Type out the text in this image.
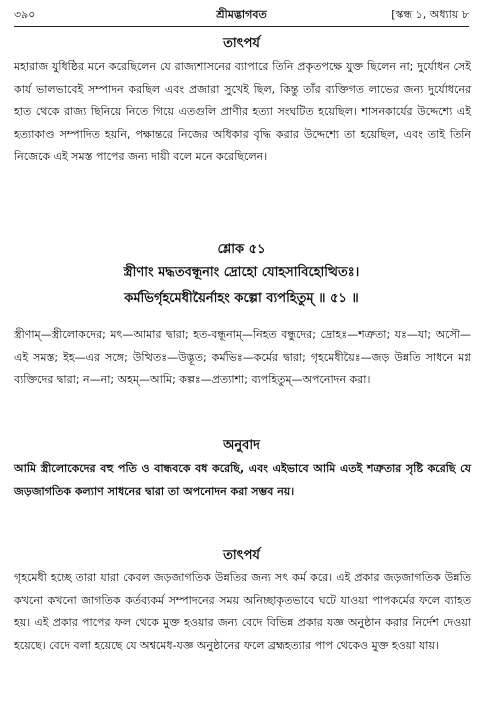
৩৯০	শ্রীমদ্ভাগবত	[স্কন্ধ ১, অধ্যায় ৮
তাৎপর্য
মহারাজ যুধিষ্ঠির মনে করেছিলেন যে রাজ্যশাসনের ব্যাপারে তিনি প্রকৃতপক্ষে যুক্ত ছিলেন না; দুর্যোধন সেই কার্য ভালভাবেই সম্পাদন করছিল এবং প্রজারা সুখেই ছিল, কিন্তু তাঁর ব্যক্তিগত লাভের জন্য দুর্যোধনের হাত থেকে রাজ্য ছিনিয়ে নিতে গিয়ে এতগুলি প্রাণীর হত্যা সংঘটিত হয়েছিল। শাসনকার্যের উদ্দেশ্যে এই হত্যাকাণ্ড সম্পাদিত হয়নি, পক্ষান্তরে নিজের অধিকার বৃদ্ধি করার উদ্দেশ্যে তা হয়েছিল, এবং তাই তিনি নিজেকে এই সমস্ত পাপের জন্য দায়ী বলে মনে করেছিলেন।
শ্লোক ৫১
স্ত্রীণাং মদ্ধতবন্ধূনাং দ্রোহো যোহসাবিহোত্থিতঃ।
কর্মভির্গৃহমেধীয়ৈর্নাহং কল্পো ব্যপহিতুম্ ॥ ৫১ ॥
স্ত্রীণাম্—স্ত্রীলোকদের; মৎ—আমার দ্বারা; হত-বন্ধূনাম্—নিহত বন্ধুদের; দ্রোহঃ—শত্রুতা; যঃ—যা; অসৌ—এই সমস্ত; ইহ—এর সঙ্গে; উত্থিতঃ—উদ্ভূত; কর্মভিঃ—কর্মের দ্বারা; গৃহমেধীয়ৈঃ—জড় উন্নতি সাধনে মগ্ন ব্যক্তিদের দ্বারা; ন—না; অহম্—আমি; কল্পঃ—প্রত্যাশা; ব্যপহিতুম্—অপনোদন করা।
অনুবাদ
আমি স্ত্রীলোকেদের বহু পতি ও বান্ধবকে বধ করেছি, এবং এইভাবে আমি এতই শত্রুতার সৃষ্টি করেছি যে জড়জাগতিক কল্যাণ সাধনের দ্বারা তা অপনোদন করা সম্ভব নয়।
তাৎপর্য
গৃহমেধী হচ্ছে তারা যারা কেবল জড়জাগতিক উন্নতির জন্য সৎ কর্ম করে। এই প্রকার জড়জাগতিক উন্নতি কখনো কখনো জাগতিক কর্তব্যকর্ম সম্পাদনের সময় অনিচ্ছাকৃতভাবে ঘটে যাওয়া পাপকর্মের ফলে ব্যাহত হয়। এই প্রকার পাপের ফল থেকে মুক্ত হওয়ার জন্য বেদে বিভিন্ন প্রকার যজ্ঞ অনুষ্ঠান করার নির্দেশ দেওয়া হয়েছে। বেদে বলা হয়েছে যে অশ্বমেধ-যজ্ঞ অনুষ্ঠানের ফলে ব্রহ্মহত্যার পাপ থেকেও মুক্ত হওয়া যায়।
